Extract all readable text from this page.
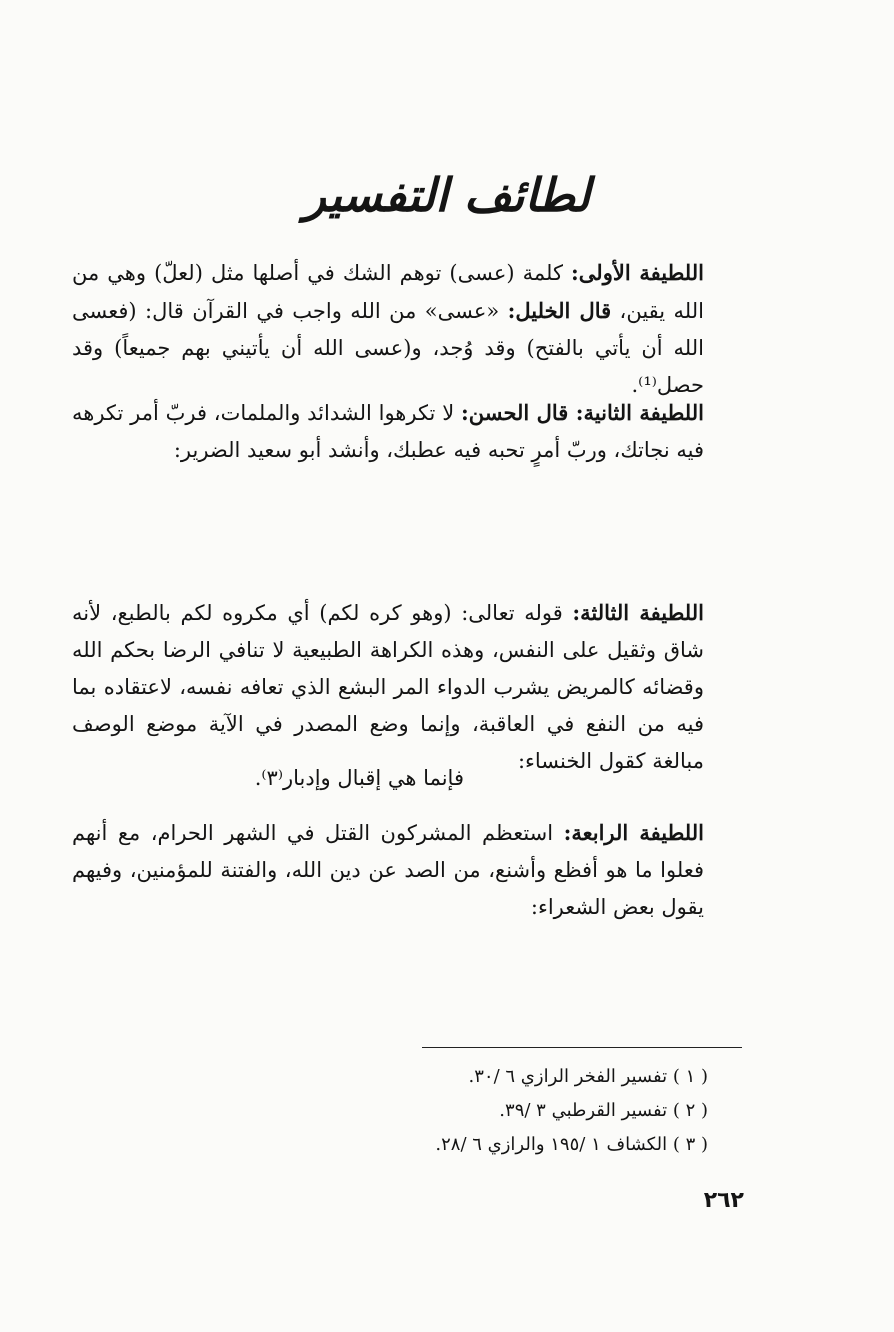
لطائف التفسير
اللطيفة الأولى: كلمة (عسى) توهم الشك في أصلها مثل (لعلّ) وهي من الله يقين، قال الخليل: «عسى» من الله واجب في القرآن قال: (فعسى الله أن يأتي بالفتح) وقد وُجد، و(عسى الله أن يأتيني بهم جميعاً) وقد حصل⁽¹⁾.
اللطيفة الثانية: قال الحسن: لا تكرهوا الشدائد والملمات، فربّ أمر تكرهه فيه نجاتك، وربّ أمرٍ تحبه فيه عطبك، وأنشد أبو سعيد الضرير:
اللطيفة الثالثة: قوله تعالى: (وهو كره لكم) أي مكروه لكم بالطبع، لأنه شاق وثقيل على النفس، وهذه الكراهة الطبيعية لا تنافي الرضا بحكم الله وقضائه كالمريض يشرب الدواء المر البشع الذي تعافه نفسه، لاعتقاده بما فيه من النفع في العاقبة، وإنما وضع المصدر في الآية موضع الوصف مبالغة كقول الخنساء:
فإنما هي إقبال وإدبار⁽٣⁾.
اللطيفة الرابعة: استعظم المشركون القتل في الشهر الحرام، مع أنهم فعلوا ما هو أفظع وأشنع، من الصد عن دين الله، والفتنة للمؤمنين، وفيهم يقول بعض الشعراء:
( ١ ) تفسير الفخر الرازي ٦ /٣٠.
( ٢ ) تفسير القرطبي ٣ /٣٩.
( ٣ ) الكشاف ١ /١٩٥ والرازي ٦ /٢٨.
٢٦٢
